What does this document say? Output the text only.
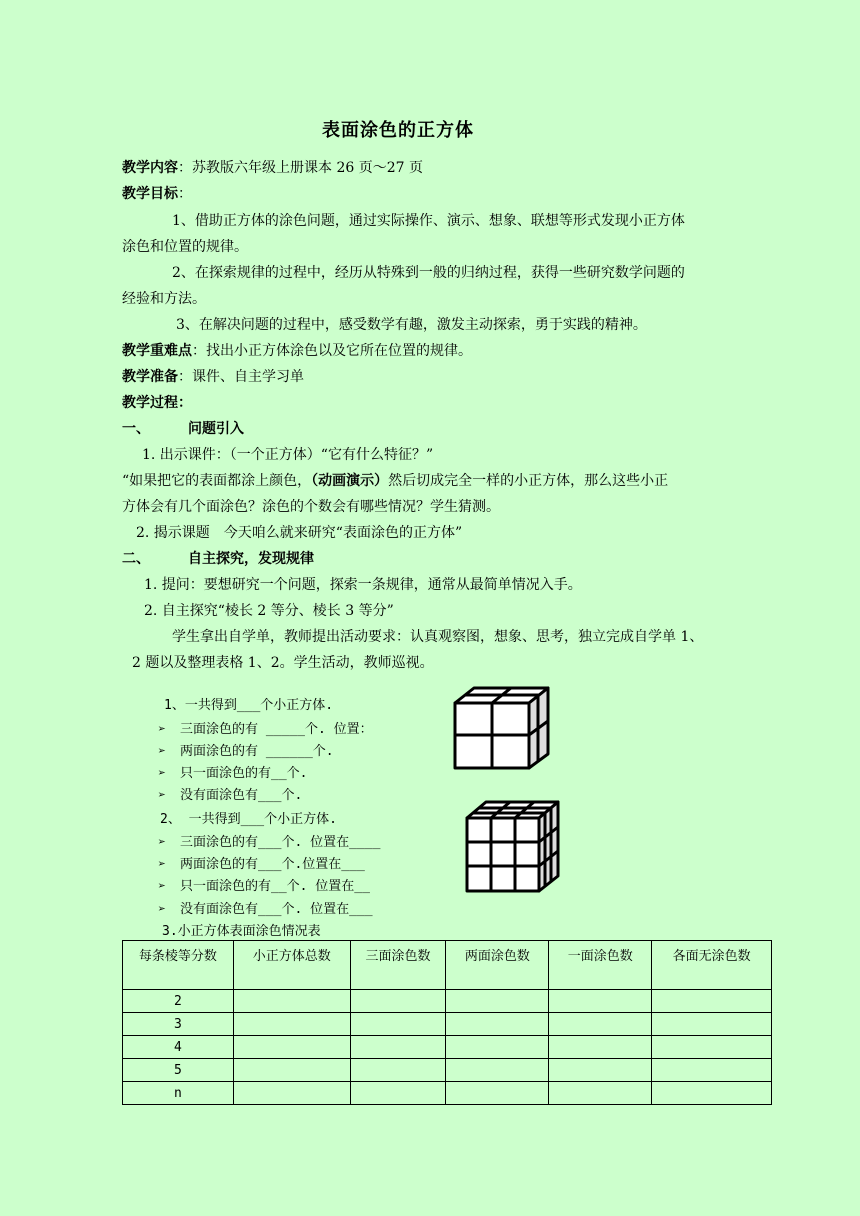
表面涂色的正方体
教学内容：苏教版六年级上册课本 26 页～27 页
教学目标：
1、借助正方体的涂色问题，通过实际操作、演示、想象、联想等形式发现小正方体
涂色和位置的规律。
2、在探索规律的过程中，经历从特殊到一般的归纳过程，获得一些研究数学问题的
经验和方法。
3、在解决问题的过程中，感受数学有趣，激发主动探索，勇于实践的精神。
教学重难点：找出小正方体涂色以及它所在位置的规律。
教学准备：课件、自主学习单
教学过程：
一、	问题引入
1. 出示课件：（一个正方体）“它有什么特征？”
“如果把它的表面都涂上颜色，（动画演示）然后切成完全一样的小正方体，那么这些小正
方体会有几个面涂色？涂色的个数会有哪些情况？学生猜测。
2. 揭示课题　今天咱么就来研究“表面涂色的正方体”
二、	自主探究，发现规律
1. 提问：要想研究一个问题，探索一条规律，通常从最简单情况入手。
2. 自主探究“棱长 2 等分、棱长 3 等分”
学生拿出自学单，教师提出活动要求：认真观察图，想象、思考，独立完成自学单 1、
2 题以及整理表格 1、2。学生活动，教师巡视。
1、一共得到___个小正方体.
➢ 三面涂色的有 _____个. 位置：
➢ 两面涂色的有 ______个.
➢ 只一面涂色的有__个.
➢ 没有面涂色有___个.
2、 一共得到___个小正方体.
➢ 三面涂色的有___个. 位置在____
➢ 两面涂色的有___个.位置在___
➢ 只一面涂色的有__个. 位置在__
➢ 没有面涂色有___个. 位置在___
3.小正方体表面涂色情况表
每条棱等分数	小正方体总数	三面涂色数	两面涂色数	一面涂色数	各面无涂色数
2					
3					
4					
5					
n					
